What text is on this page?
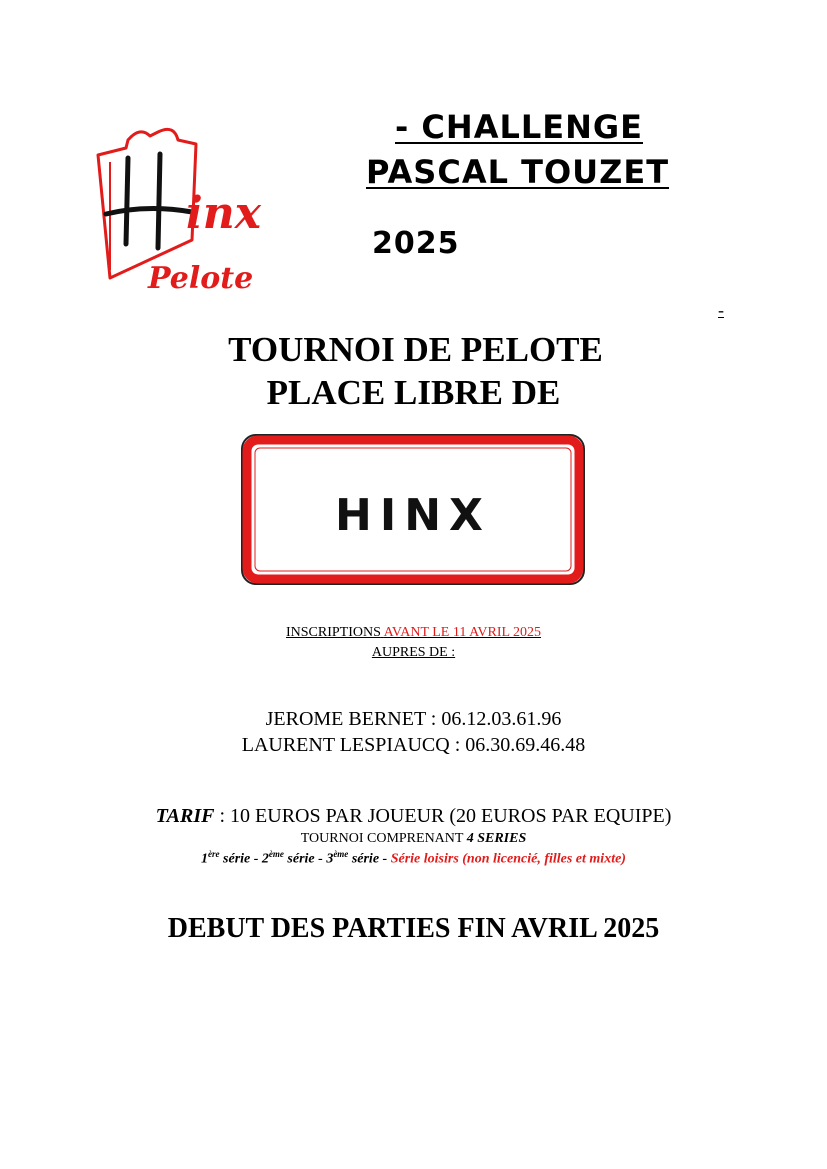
inx
Pelote
- CHALLENGE
PASCAL TOUZET
2025
-
TOURNOI DE PELOTE
PLACE LIBRE DE
HINX
INSCRIPTIONS AVANT LE 11 AVRIL 2025
AUPRES DE :
JEROME BERNET : 06.12.03.61.96
LAURENT LESPIAUCQ : 06.30.69.46.48
TARIF : 10 EUROS PAR JOUEUR (20 EUROS PAR EQUIPE)
TOURNOI COMPRENANT 4 SERIES
1ère série - 2ème série - 3ème série - Série loisirs (non licencié, filles et mixte)
DEBUT DES PARTIES FIN AVRIL 2025
